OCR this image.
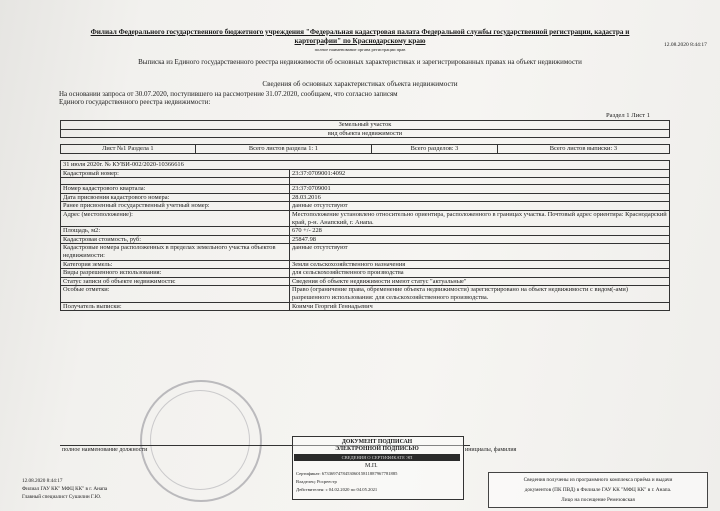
Филиал Федерального государственного бюджетного учреждения "Федеральная кадастровая палата Федеральной службы государственной регистрации, кадастра и
картографии" по Краснодарскому краю
полное наименование органа регистрации прав
12.08.2020 8:44:17
Выписка из Единого государственного реестра недвижимости об основных характеристиках и зарегистрированных правах на объект недвижимости
Сведения об основных характеристиках объекта недвижимости
На основании запроса от 30.07.2020, поступившего на рассмотрение 31.07.2020, сообщаем, что согласно записям
Единого государственного реестра недвижимости:
Раздел 1 Лист 1
Земельный участок
вид объекта недвижимости
Лист №1 Раздела 1	Всего листов раздела 1: 1	Всего разделов: 3	Всего листов выписки: 3
31 июля 2020г. № КУВИ-002/2020-10366616	
Кадастровый номер:	23:37:0709001:4092

Номер кадастрового квартала:	23:37:0709001
Дата присвоения кадастрового номера:	28.03.2016
Ранее присвоенный государственный учетный номер:	данные отсутствуют
Адрес (местоположение):	Местоположение установлено относительно ориентира, расположенного в границах участка. Почтовый адрес ориентира: Краснодарский край, р-н. Анапский, г. Анапа.
Площадь, м2:	670 +/- 228
Кадастровая стоимость, руб:	25847.98
Кадастровые номера расположенных в пределах земельного участка объектов недвижимости:	данные отсутствуют
Категория земель:	Земли сельскохозяйственного назначения
Виды разрешенного использования:	для сельскохозяйственного производства
Статус записи об объекте недвижимости:	Сведения об объекте недвижимости имеют статус "актуальные"
Особые отметки:	Право (ограничение права, обременение объекта недвижимости) зарегистрировано на объект недвижимости с видом(-ами) разрешенного использования: для сельскохозяйственного производства.
Получатель выписки:	Коимчи Георгий Геннадьевич
полное наименование должности	инициалы, фамилия
ДОКУМЕНТ ПОДПИСАН
ЭЛЕКТРОННОЙ ПОДПИСЬЮ
СВЕДЕНИЯ О СЕРТИФИКАТЕ ЭП
М.П.
Сертификат: 673369747845306015811887967781885
Владелец: Росреестр
Действителен: с 04.02.2020 по 04.05.2021
12.08.2020 8:44:17
Филиал ГАУ КК" МФЦ КК" в г. Анапа
Главный специалист Сушилин Г.Ю.
Сведения получены из программного комплекса приёма и выдачи
документов (ПК ПВД) в Филиале ГАУ КК "МФЦ КК" в г. Анапа.
Лицо на посещение Ремезовская
